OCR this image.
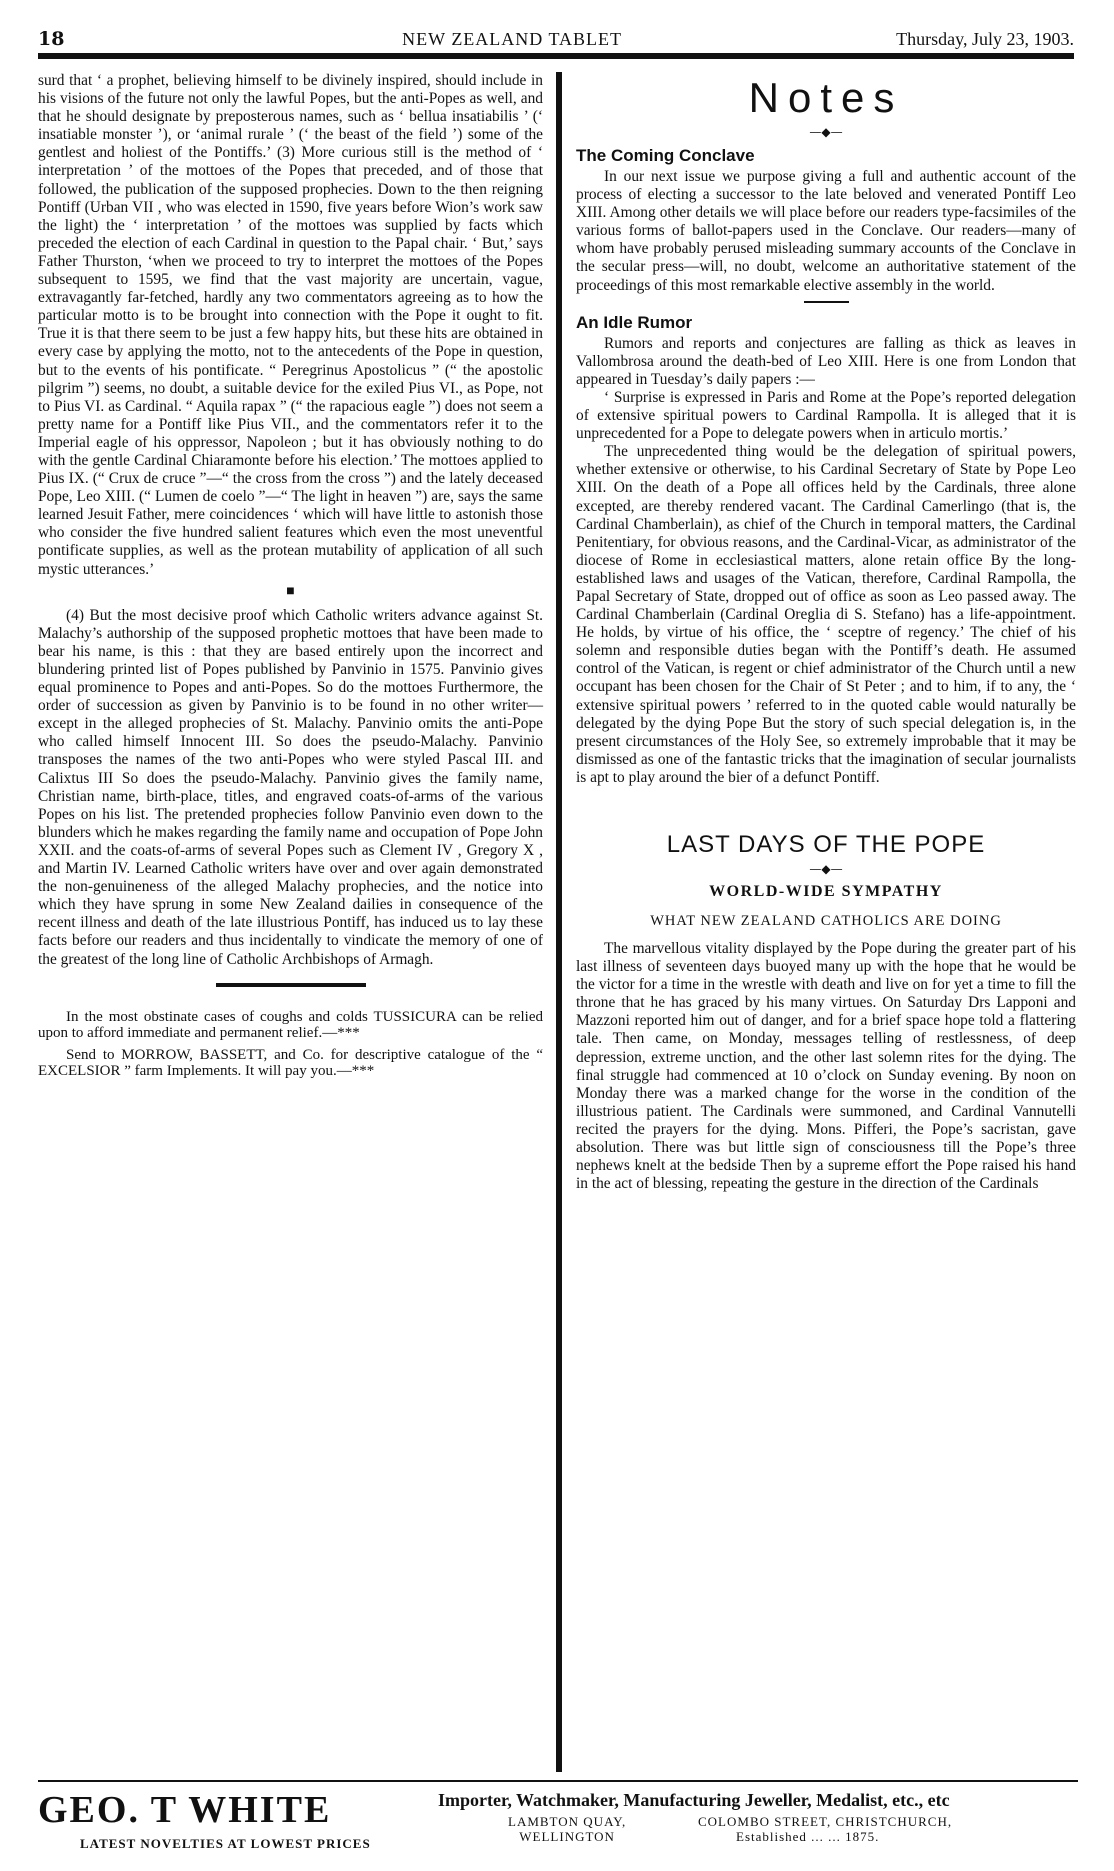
18	NEW ZEALAND TABLET	Thursday, July 23, 1903.

surd that ‘ a prophet, believing himself to be divinely inspired, should include in his visions of the future not only the lawful Popes, but the anti-Popes as well, and that he should designate by preposterous names, such as ‘ bellua insatiabilis ’ (‘ insatiable monster ’), or ‘animal rurale ’ (‘ the beast of the field ’) some of the gentlest and holiest of the Pontiffs.’ (3) More curious still is the method of ‘ interpretation ’ of the mottoes of the Popes that preceded, and of those that followed, the publication of the supposed prophecies. Down to the then reigning Pontiff (Urban VII , who was elected in 1590, five years before Wion’s work saw the light) the ‘ interpretation ’ of the mottoes was supplied by facts which preceded the election of each Cardinal in question to the Papal chair. ‘ But,’ says Father Thurston, ‘when we proceed to try to interpret the mottoes of the Popes subsequent to 1595, we find that the vast majority are uncertain, vague, extravagantly far-fetched, hardly any two commentators agreeing as to how the particular motto is to be brought into connection with the Pope it ought to fit. True it is that there seem to be just a few happy hits, but these hits are obtained in every case by applying the motto, not to the antecedents of the Pope in question, but to the events of his pontificate. “ Peregrinus Apostolicus ” (“ the apostolic pilgrim ”) seems, no doubt, a suitable device for the exiled Pius VI., as Pope, not to Pius VI. as Cardinal. “ Aquila rapax ” (“ the rapacious eagle ”) does not seem a pretty name for a Pontiff like Pius VII., and the commentators refer it to the Imperial eagle of his oppressor, Napoleon ; but it has obviously nothing to do with the gentle Cardinal Chiaramonte before his election.’ The mottoes applied to Pius IX. (“ Crux de cruce ”—“ the cross from the cross ”) and the lately deceased Pope, Leo XIII. (“ Lumen de coelo ”—“ The light in heaven ”) are, says the same learned Jesuit Father, mere coincidences ‘ which will have little to astonish those who consider the five hundred salient features which even the most uneventful pontificate supplies, as well as the protean mutability of application of all such mystic utterances.’

■

(4) But the most decisive proof which Catholic writers advance against St. Malachy’s authorship of the supposed prophetic mottoes that have been made to bear his name, is this : that they are based entirely upon the incorrect and blundering printed list of Popes published by Panvinio in 1575. Panvinio gives equal prominence to Popes and anti-Popes. So do the mottoes Furthermore, the order of succession as given by Panvinio is to be found in no other writer—except in the alleged prophecies of St. Malachy. Panvinio omits the anti-Pope who called himself Innocent III. So does the pseudo-Malachy. Panvinio transposes the names of the two anti-Popes who were styled Pascal III. and Calixtus III So does the pseudo-Malachy. Panvinio gives the family name, Christian name, birth-place, titles, and engraved coats-of-arms of the various Popes on his list. The pretended prophecies follow Panvinio even down to the blunders which he makes regarding the family name and occupation of Pope John XXII. and the coats-of-arms of several Popes such as Clement IV , Gregory X , and Martin IV. Learned Catholic writers have over and over again demonstrated the non-genuineness of the alleged Malachy prophecies, and the notice into which they have sprung in some New Zealand dailies in consequence of the recent illness and death of the late illustrious Pontiff, has induced us to lay these facts before our readers and thus incidentally to vindicate the memory of one of the greatest of the long line of Catholic Archbishops of Armagh.

In the most obstinate cases of coughs and colds TUSSICURA can be relied upon to afford immediate and permanent relief.—***

Send to MORROW, BASSETT, and Co. for descriptive catalogue of the “ EXCELSIOR ” farm Implements. It will pay you.—***

Notes
—◆—
The Coming Conclave

In our next issue we purpose giving a full and authentic account of the process of electing a successor to the late beloved and venerated Pontiff Leo XIII. Among other details we will place before our readers type-facsimiles of the various forms of ballot-papers used in the Conclave. Our readers—many of whom have probably perused misleading summary accounts of the Conclave in the secular press—will, no doubt, welcome an authoritative statement of the proceedings of this most remarkable elective assembly in the world.

An Idle Rumor

Rumors and reports and conjectures are falling as thick as leaves in Vallombrosa around the death-bed of Leo XIII. Here is one from London that appeared in Tuesday’s daily papers :—

‘ Surprise is expressed in Paris and Rome at the Pope’s reported delegation of extensive spiritual powers to Cardinal Rampolla. It is alleged that it is unprecedented for a Pope to delegate powers when in articulo mortis.’

The unprecedented thing would be the delegation of spiritual powers, whether extensive or otherwise, to his Cardinal Secretary of State by Pope Leo XIII. On the death of a Pope all offices held by the Cardinals, three alone excepted, are thereby rendered vacant. The Cardinal Camerlingo (that is, the Cardinal Chamberlain), as chief of the Church in temporal matters, the Cardinal Penitentiary, for obvious reasons, and the Cardinal-Vicar, as administrator of the diocese of Rome in ecclesiastical matters, alone retain office By the long-established laws and usages of the Vatican, therefore, Cardinal Rampolla, the Papal Secretary of State, dropped out of office as soon as Leo passed away. The Cardinal Chamberlain (Cardinal Oreglia di S. Stefano) has a life-appointment. He holds, by virtue of his office, the ‘ sceptre of regency.’ The chief of his solemn and responsible duties began with the Pontiff’s death. He assumed control of the Vatican, is regent or chief administrator of the Church until a new occupant has been chosen for the Chair of St Peter ; and to him, if to any, the ‘ extensive spiritual powers ’ referred to in the quoted cable would naturally be delegated by the dying Pope But the story of such special delegation is, in the present circumstances of the Holy See, so extremely improbable that it may be dismissed as one of the fantastic tricks that the imagination of secular journalists is apt to play around the bier of a defunct Pontiff.

LAST DAYS OF THE POPE
—◆—
WORLD-WIDE SYMPATHY
WHAT NEW ZEALAND CATHOLICS ARE DOING

The marvellous vitality displayed by the Pope during the greater part of his last illness of seventeen days buoyed many up with the hope that he would be the victor for a time in the wrestle with death and live on for yet a time to fill the throne that he has graced by his many virtues. On Saturday Drs Lapponi and Mazzoni reported him out of danger, and for a brief space hope told a flattering tale. Then came, on Monday, messages telling of restlessness, of deep depression, extreme unction, and the other last solemn rites for the dying. The final struggle had commenced at 10 o’clock on Sunday evening. By noon on Monday there was a marked change for the worse in the condition of the illustrious patient. The Cardinals were summoned, and Cardinal Vannutelli recited the prayers for the dying. Mons. Pifferi, the Pope’s sacristan, gave absolution. There was but little sign of consciousness till the Pope’s three nephews knelt at the bedside Then by a supreme effort the Pope raised his hand in the act of blessing, repeating the gesture in the direction of the Cardinals

GEO. T WHITE
LATEST NOVELTIES AT LOWEST PRICES
Importer, Watchmaker, Manufacturing Jeweller, Medalist, etc., etc
LAMBTON QUAY,
WELLINGTON
COLOMBO STREET, CHRISTCHURCH,
Established ... ... 1875.
